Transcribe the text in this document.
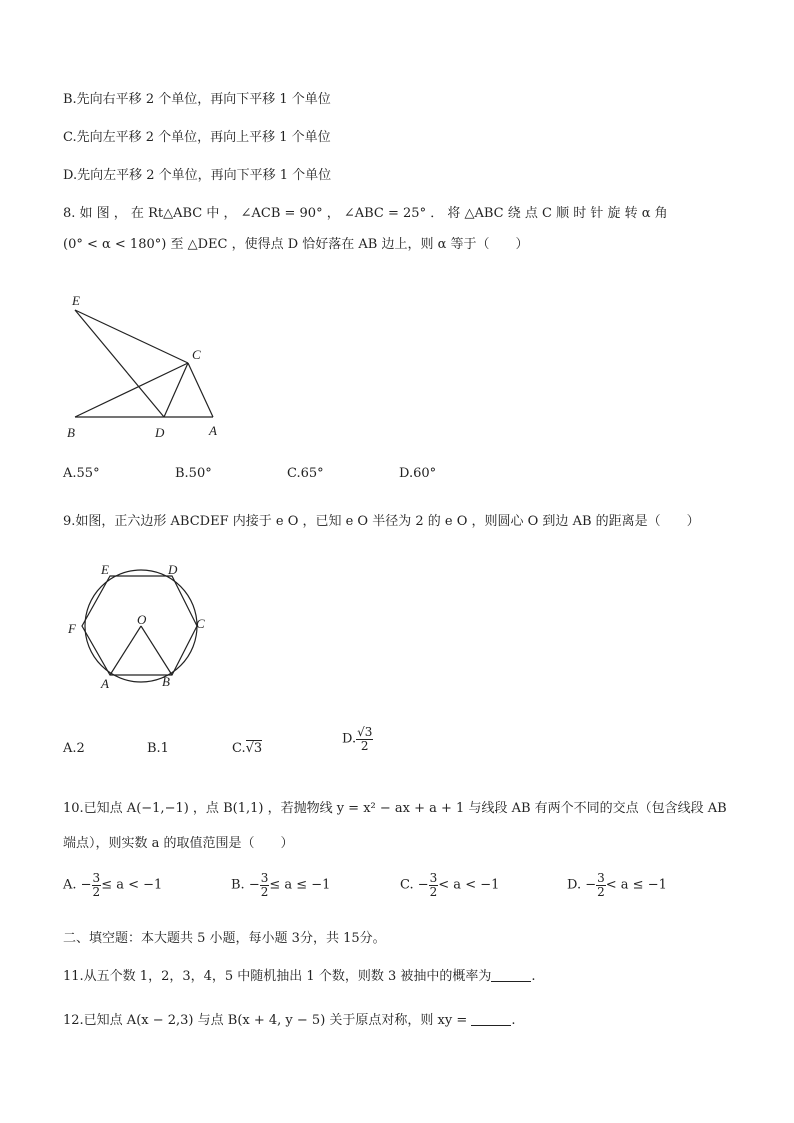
B.先向右平移 2 个单位，再向下平移 1 个单位
C.先向左平移 2 个单位，再向上平移 1 个单位
D.先向左平移 2 个单位，再向下平移 1 个单位
8. 如 图 ， 在 Rt△ABC 中 ， ∠ACB = 90° ， ∠ABC = 25° ． 将 △ABC 绕 点 C 顺 时 针 旋 转 α 角
(0° < α < 180°) 至 △DEC ，使得点 D 恰好落在 AB 边上，则 α 等于（　　）
E
C
B	D	A
A.55°	B.50°	C.65°	D.60°
9.如图，正六边形 ABCDEF 内接于 e O ，已知 e O 半径为 2 的 e O ，则圆心 O 到边 AB 的距离是（　　）
E	D
F	C
O
A	B
A.2	B.1	C.√3
D. $\frac{√3}{2}$
10.已知点 A(−1,−1) ，点 B(1,1) ，若抛物线 y = x² − ax + a + 1 与线段 AB 有两个不同的交点（包含线段 AB
端点），则实数 a 的取值范围是（　　）
A. − $\frac{3}{2} \le a < -1$	B. − $\frac{3}{2} \le a \le -1$	C. − $\frac{3}{2} < a < -1$	D. − $\frac{3}{2} < a \le -1$
二、填空题：本大题共 5 小题，每小题 3分，共 15分。
11.从五个数 1，2，3，4，5 中随机抽出 1 个数，则数 3 被抽中的概率为	.
12.已知点 A(x − 2,3) 与点 B(x + 4, y − 5) 关于原点对称，则 xy =	.
